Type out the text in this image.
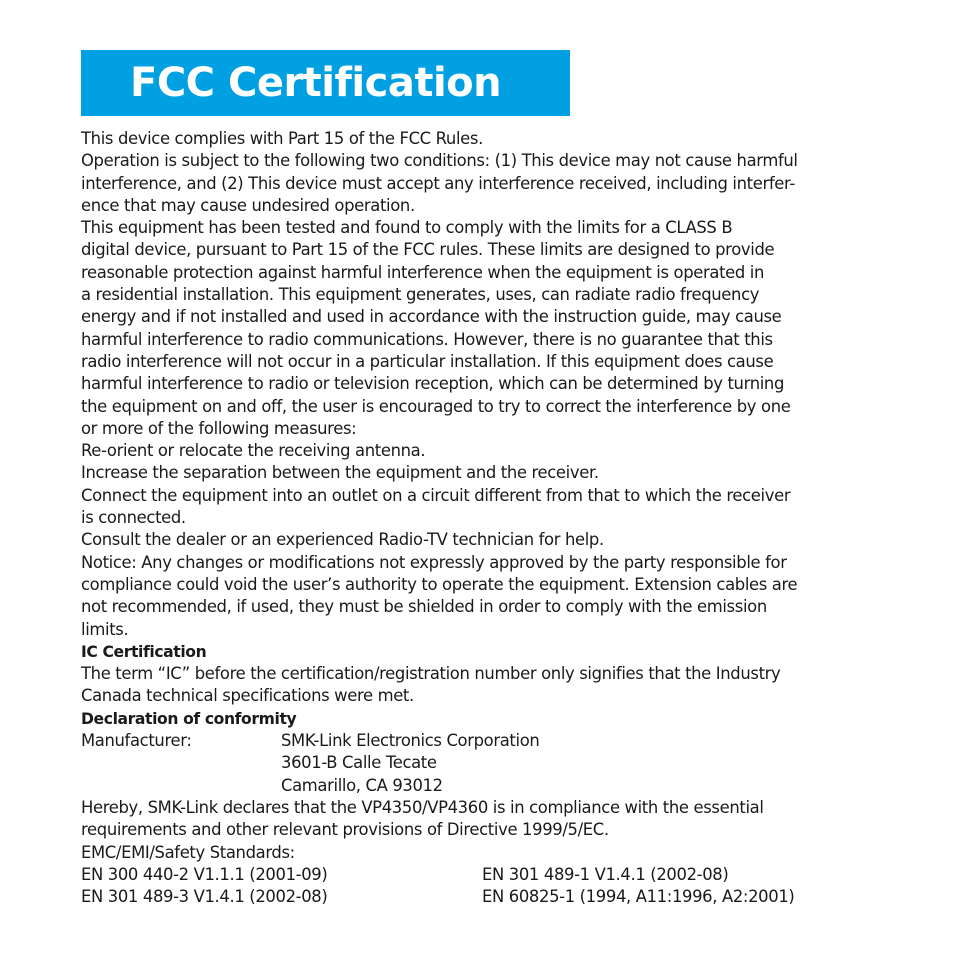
FCC Certification
This device complies with Part 15 of the FCC Rules.
Operation is subject to the following two conditions: (1) This device may not cause harmful
interference, and (2) This device must accept any interference received, including interfer-
ence that may cause undesired operation.
This equipment has been tested and found to comply with the limits for a CLASS B
digital device, pursuant to Part 15 of the FCC rules. These limits are designed to provide
reasonable protection against harmful interference when the equipment is operated in
a residential installation. This equipment generates, uses, can radiate radio frequency
energy and if not installed and used in accordance with the instruction guide, may cause
harmful interference to radio communications. However, there is no guarantee that this
radio interference will not occur in a particular installation. If this equipment does cause
harmful interference to radio or television reception, which can be determined by turning
the equipment on and off, the user is encouraged to try to correct the interference by one
or more of the following measures:
Re-orient or relocate the receiving antenna.
Increase the separation between the equipment and the receiver.
Connect the equipment into an outlet on a circuit different from that to which the receiver
is connected.
Consult the dealer or an experienced Radio-TV technician for help.
Notice: Any changes or modifications not expressly approved by the party responsible for
compliance could void the user’s authority to operate the equipment. Extension cables are
not recommended, if used, they must be shielded in order to comply with the emission
limits.
IC Certification
The term “IC” before the certification/registration number only signifies that the Industry
Canada technical specifications were met.
Declaration of conformity
Manufacturer:	SMK-Link Electronics Corporation
3601-B Calle Tecate
Camarillo, CA 93012
Hereby, SMK-Link declares that the VP4350/VP4360 is in compliance with the essential
requirements and other relevant provisions of Directive 1999/5/EC.
EMC/EMI/Safety Standards:
EN 300 440-2 V1.1.1 (2001-09)	EN 301 489-1 V1.4.1 (2002-08)
EN 301 489-3 V1.4.1 (2002-08)	EN 60825-1 (1994, A11:1996, A2:2001)
